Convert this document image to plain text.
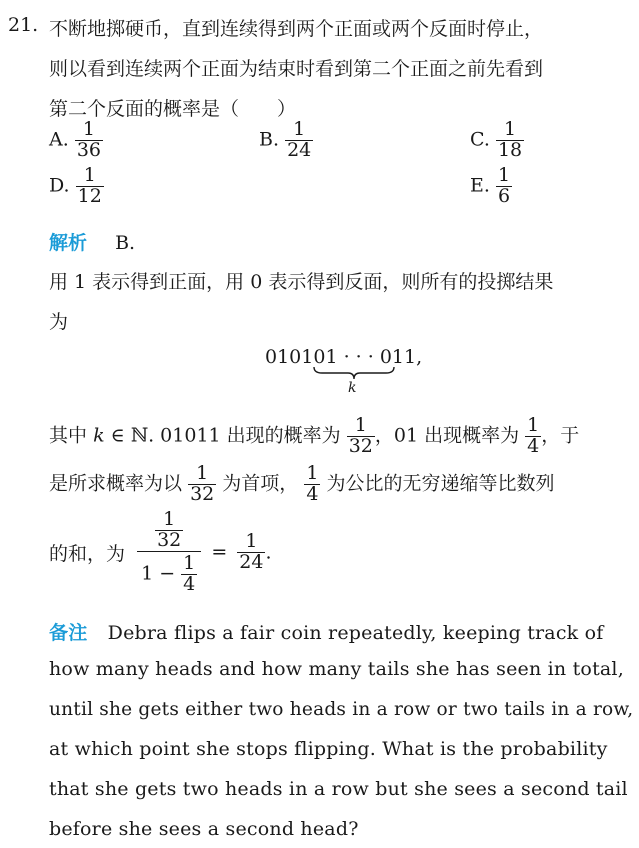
21. 不断地掷硬币，直到连续得到两个正面或两个反面时停止，
则以看到连续两个正面为结束时看到第二个正面之前先看到
第二个反面的概率是（　　）
A. $\frac{1}{36}$	B. $\frac{1}{24}$	C. $\frac{1}{18}$
D. $\frac{1}{12}$	E. $\frac{1}{6}$
解析 B.
用 1 表示得到正面，用 0 表示得到反面，则所有的投掷结果
为
010101 · · · 011,
k
其中 k ∈ ℕ. 01011 出现的概率为 $\frac{1}{32}$ ，01 出现概率为 $\frac{1}{4}$ ，于
是所求概率为以 $\frac{1}{32}$ 为首项， $\frac{1}{4}$ 为公比的无穷递缩等比数列
的和，为 $\frac{\frac{1}{32}}{1 - \frac{1}{4}} = \frac{1}{24}$ .
备注 Debra flips a fair coin repeatedly, keeping track of
how many heads and how many tails she has seen in total,
until she gets either two heads in a row or two tails in a row,
at which point she stops flipping. What is the probability
that she gets two heads in a row but she sees a second tail
before she sees a second head?
